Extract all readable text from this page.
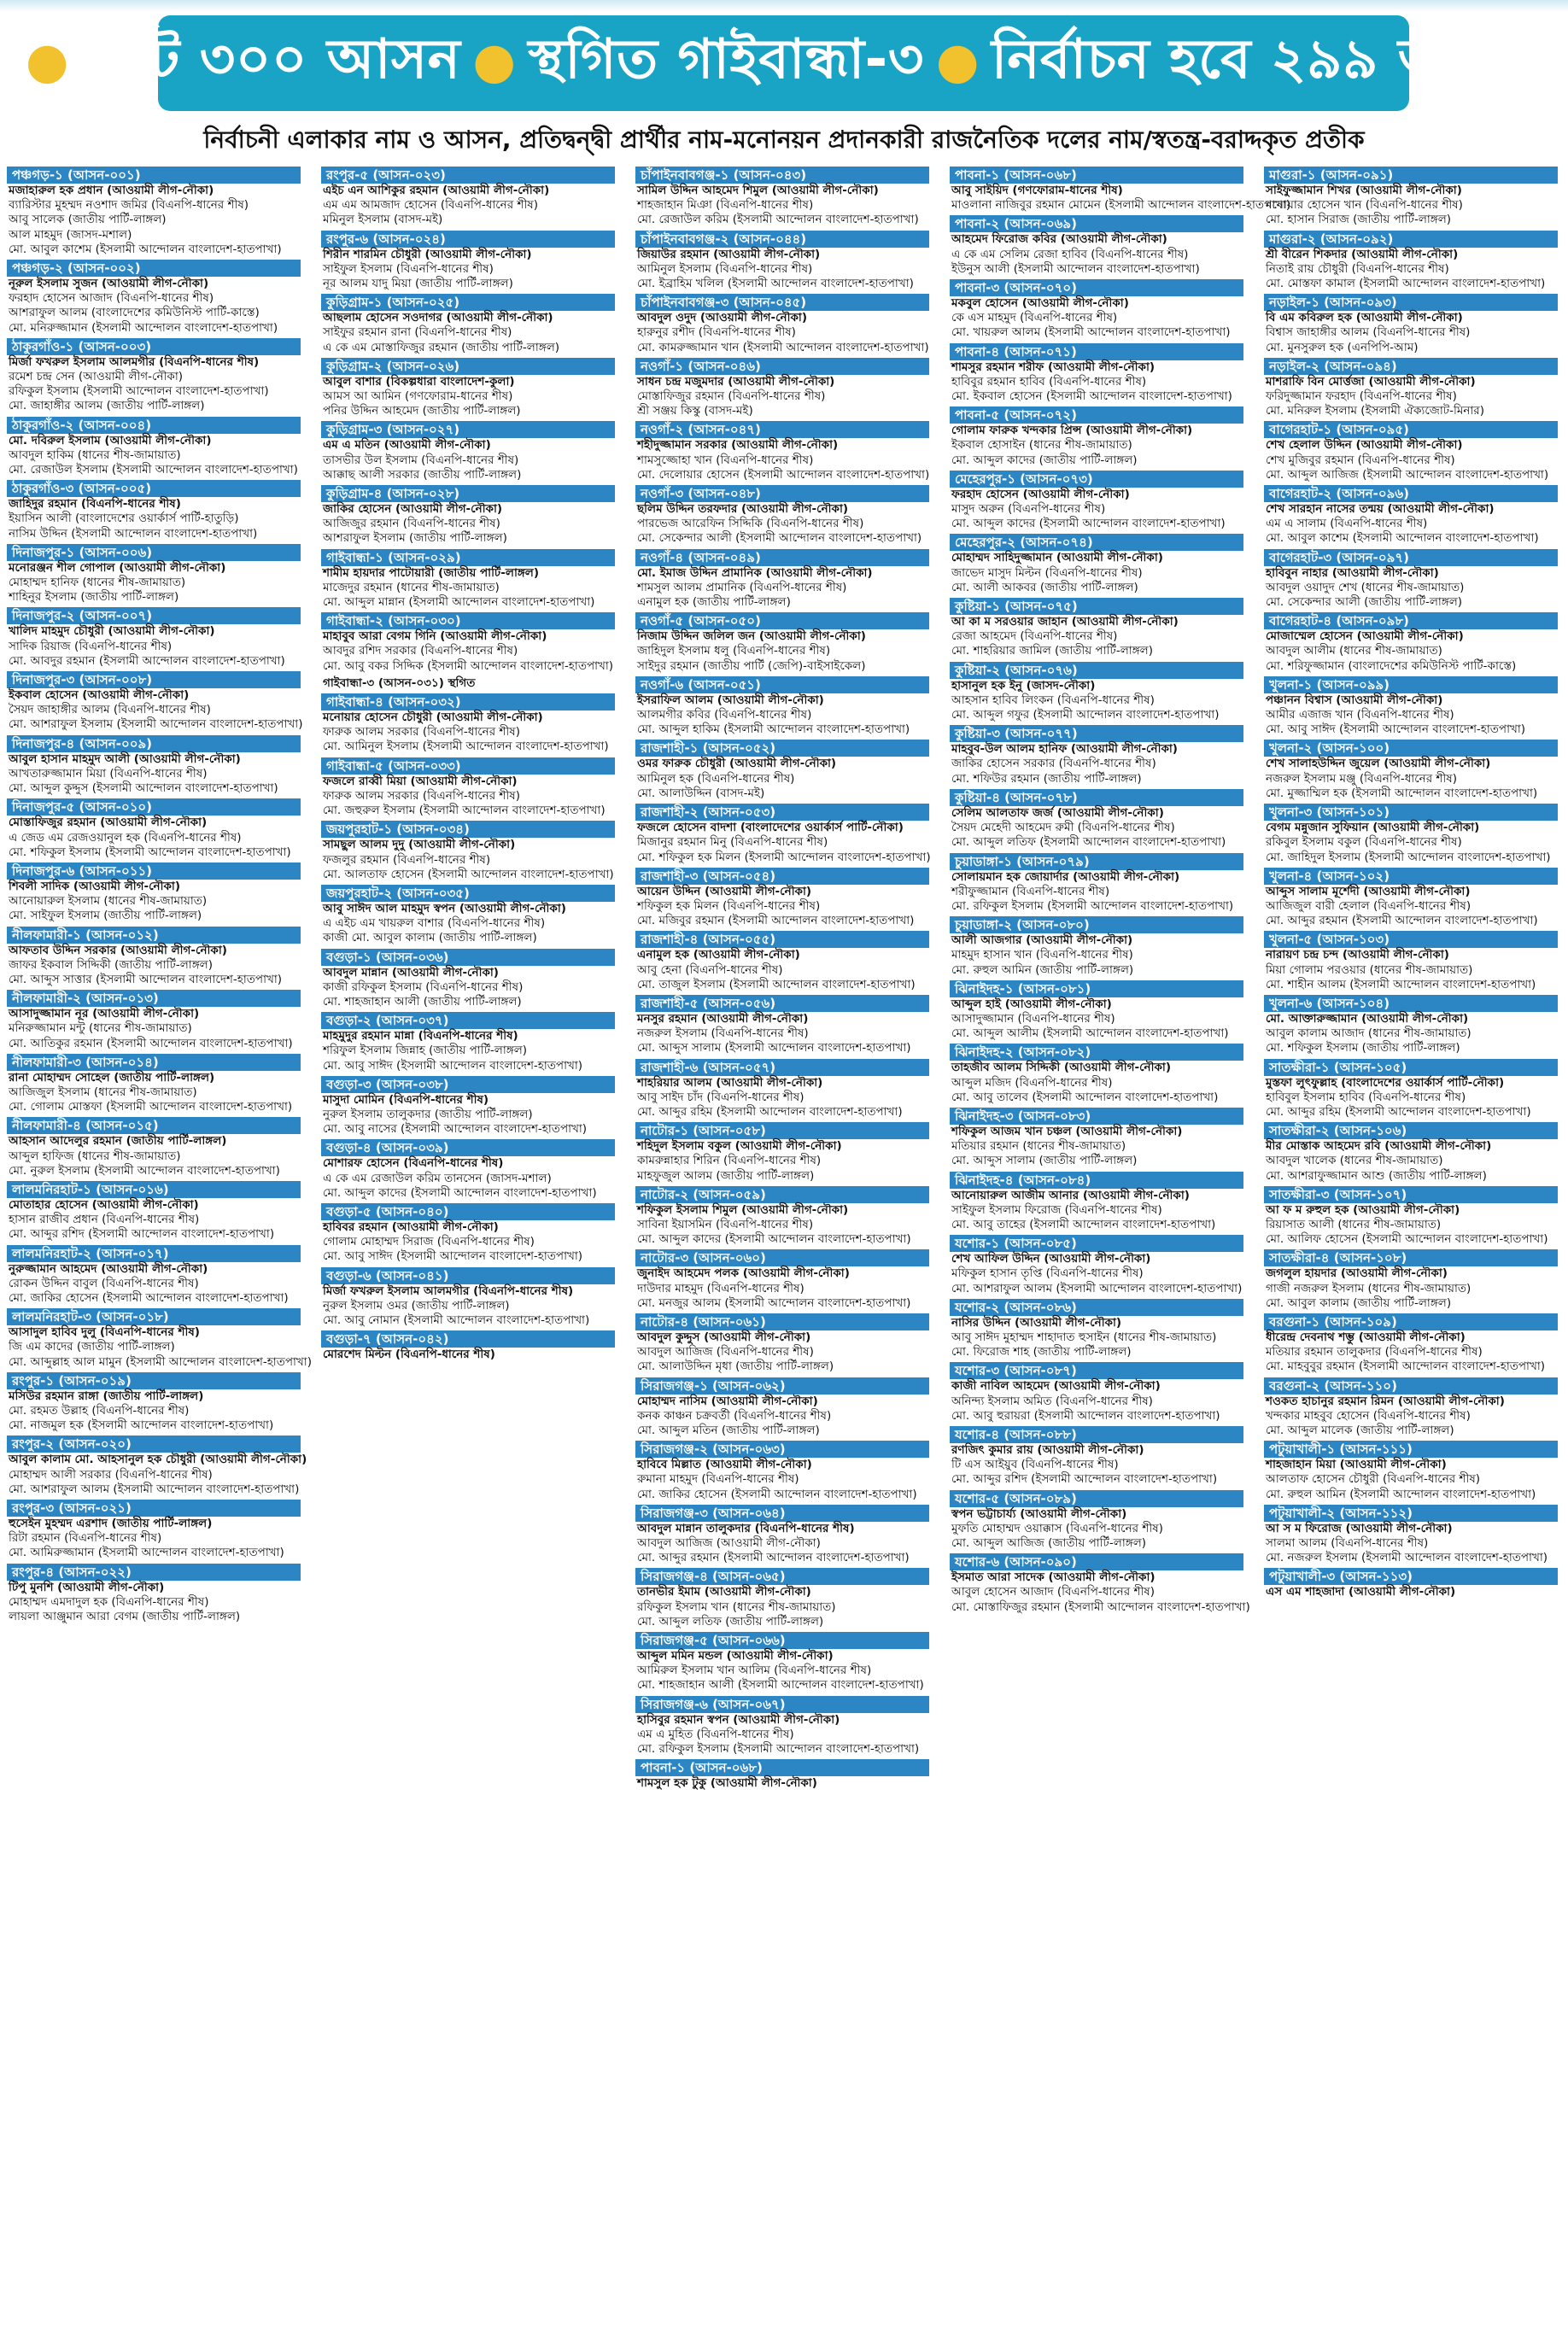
● মোট ৩০০ আসন ● স্থগিত গাইবান্ধা-৩ ● নির্বাচন হবে ২৯৯ আসনে
নির্বাচনী এলাকার নাম ও আসন, প্রতিদ্বন্দ্বী প্রার্থীর নাম-মনোনয়ন প্রদানকারী রাজনৈতিক দলের নাম/স্বতন্ত্র-বরাদ্দকৃত প্রতীক
পঞ্চগড়-১ (আসন-০০১)
মজাহারুল হক প্রধান (আওয়ামী লীগ-নৌকা)
ব্যারিস্টার মুহম্মদ নওশাদ জমির (বিএনপি-ধানের শীষ)
আবু সালেক (জাতীয় পার্টি-লাঙ্গল)
আল মাহমুদ (জাসদ-মশাল)
মো. আবুল কাশেম (ইসলামী আন্দোলন বাংলাদেশ-হাতপাখা)
পঞ্চগড়-২ (আসন-০০২)
নূরুল ইসলাম সুজন (আওয়ামী লীগ-নৌকা)
ফরহাদ হোসেন আজাদ (বিএনপি-ধানের শীষ)
আশরাফুল আলম (বাংলাদেশের কমিউনিস্ট পার্টি-কাস্তে)
মো. মনিরুজ্জামান (ইসলামী আন্দোলন বাংলাদেশ-হাতপাখা)
ঠাকুরগাঁও-১ (আসন-০০৩)
মির্জা ফখরুল ইসলাম আলমগীর (বিএনপি-ধানের শীষ)
রমেশ চন্দ্র সেন (আওয়ামী লীগ-নৌকা)
রফিকুল ইসলাম (ইসলামী আন্দোলন বাংলাদেশ-হাতপাখা)
মো. জাহাঙ্গীর আলম (জাতীয় পার্টি-লাঙ্গল)
ঠাকুরগাঁও-২ (আসন-০০৪)
মো. দবিরুল ইসলাম (আওয়ামী লীগ-নৌকা)
আবদুল হাকিম (ধানের শীষ-জামায়াত)
মো. রেজাউল ইসলাম (ইসলামী আন্দোলন বাংলাদেশ-হাতপাখা)
ঠাকুরগাঁও-৩ (আসন-০০৫)
জাহিদুর রহমান (বিএনপি-ধানের শীষ)
ইয়াসিন আলী (বাংলাদেশের ওয়ার্কার্স পার্টি-হাতুড়ি)
নাসিম উদ্দিন (ইসলামী আন্দোলন বাংলাদেশ-হাতপাখা)
দিনাজপুর-১ (আসন-০০৬)
মনোরঞ্জন শীল গোপাল (আওয়ামী লীগ-নৌকা)
মোহাম্মদ হানিফ (ধানের শীষ-জামায়াত)
শাহিনুর ইসলাম (জাতীয় পার্টি-লাঙ্গল)
দিনাজপুর-২ (আসন-০০৭)
খালিদ মাহমুদ চৌধুরী (আওয়ামী লীগ-নৌকা)
সাদিক রিয়াজ (বিএনপি-ধানের শীষ)
মো. আবদুর রহমান (ইসলামী আন্দোলন বাংলাদেশ-হাতপাখা)
দিনাজপুর-৩ (আসন-০০৮)
ইকবাল হোসেন (আওয়ামী লীগ-নৌকা)
সৈয়দ জাহাঙ্গীর আলম (বিএনপি-ধানের শীষ)
মো. আশরাফুল ইসলাম (ইসলামী আন্দোলন বাংলাদেশ-হাতপাখা)
দিনাজপুর-৪ (আসন-০০৯)
আবুল হাসান মাহমুদ আলী (আওয়ামী লীগ-নৌকা)
আখতারুজ্জামান মিয়া (বিএনপি-ধানের শীষ)
মো. আব্দুল কুদ্দুস (ইসলামী আন্দোলন বাংলাদেশ-হাতপাখা)
দিনাজপুর-৫ (আসন-০১০)
মোস্তাফিজুর রহমান (আওয়ামী লীগ-নৌকা)
এ জেড এম রেজওয়ানুল হক (বিএনপি-ধানের শীষ)
মো. শফিকুল ইসলাম (ইসলামী আন্দোলন বাংলাদেশ-হাতপাখা)
দিনাজপুর-৬ (আসন-০১১)
শিবলী সাদিক (আওয়ামী লীগ-নৌকা)
আনোয়ারুল ইসলাম (ধানের শীষ-জামায়াত)
মো. সাইফুল ইসলাম (জাতীয় পার্টি-লাঙ্গল)
নীলফামারী-১ (আসন-০১২)
আফতাব উদ্দিন সরকার (আওয়ামী লীগ-নৌকা)
জাফর ইকবাল সিদ্দিকী (জাতীয় পার্টি-লাঙ্গল)
মো. আব্দুস সাত্তার (ইসলামী আন্দোলন বাংলাদেশ-হাতপাখা)
নীলফামারী-২ (আসন-০১৩)
আসাদুজ্জামান নূর (আওয়ামী লীগ-নৌকা)
মনিরুজ্জামান মন্টু (ধানের শীষ-জামায়াত)
মো. আতিকুর রহমান (ইসলামী আন্দোলন বাংলাদেশ-হাতপাখা)
নীলফামারী-৩ (আসন-০১৪)
রানা মোহাম্মদ সোহেল (জাতীয় পার্টি-লাঙ্গল)
আজিজুল ইসলাম (ধানের শীষ-জামায়াত)
মো. গোলাম মোস্তফা (ইসলামী আন্দোলন বাংলাদেশ-হাতপাখা)
নীলফামারী-৪ (আসন-০১৫)
আহসান আদেলুর রহমান (জাতীয় পার্টি-লাঙ্গল)
আব্দুল হাফিজ (ধানের শীষ-জামায়াত)
মো. নুরুল ইসলাম (ইসলামী আন্দোলন বাংলাদেশ-হাতপাখা)
লালমনিরহাট-১ (আসন-০১৬)
মোতাহার হোসেন (আওয়ামী লীগ-নৌকা)
হাসান রাজীব প্রধান (বিএনপি-ধানের শীষ)
মো. আব্দুর রশিদ (ইসলামী আন্দোলন বাংলাদেশ-হাতপাখা)
লালমনিরহাট-২ (আসন-০১৭)
নুরুজ্জামান আহমেদ (আওয়ামী লীগ-নৌকা)
রোকন উদ্দিন বাবুল (বিএনপি-ধানের শীষ)
মো. জাকির হোসেন (ইসলামী আন্দোলন বাংলাদেশ-হাতপাখা)
লালমনিরহাট-৩ (আসন-০১৮)
আসাদুল হাবিব দুলু (বিএনপি-ধানের শীষ)
জি এম কাদের (জাতীয় পার্টি-লাঙ্গল)
মো. আব্দুল্লাহ আল মামুন (ইসলামী আন্দোলন বাংলাদেশ-হাতপাখা)
রংপুর-১ (আসন-০১৯)
মসিউর রহমান রাঙ্গা (জাতীয় পার্টি-লাঙ্গল)
মো. রহমত উল্লাহ (বিএনপি-ধানের শীষ)
মো. নাজমুল হক (ইসলামী আন্দোলন বাংলাদেশ-হাতপাখা)
রংপুর-২ (আসন-০২০)
আবুল কালাম মো. আহসানুল হক চৌধুরী (আওয়ামী লীগ-নৌকা)
মোহাম্মদ আলী সরকার (বিএনপি-ধানের শীষ)
মো. আশরাফুল আলম (ইসলামী আন্দোলন বাংলাদেশ-হাতপাখা)
রংপুর-৩ (আসন-০২১)
হুসেইন মুহম্মদ এরশাদ (জাতীয় পার্টি-লাঙ্গল)
রিটা রহমান (বিএনপি-ধানের শীষ)
মো. আমিরুজ্জামান (ইসলামী আন্দোলন বাংলাদেশ-হাতপাখা)
রংপুর-৪ (আসন-০২২)
টিপু মুনশি (আওয়ামী লীগ-নৌকা)
মোহাম্মদ এমদাদুল হক (বিএনপি-ধানের শীষ)
লায়লা আঞ্জুমান আরা বেগম (জাতীয় পার্টি-লাঙ্গল)
রংপুর-৫ (আসন-০২৩)
এইচ এন আশিকুর রহমান (আওয়ামী লীগ-নৌকা)
এম এম আমজাদ হোসেন (বিএনপি-ধানের শীষ)
মমিনুল ইসলাম (বাসদ-মই)
রংপুর-৬ (আসন-০২৪)
শিরীন শারমিন চৌধুরী (আওয়ামী লীগ-নৌকা)
সাইফুল ইসলাম (বিএনপি-ধানের শীষ)
নূর আলম যাদু মিয়া (জাতীয় পার্টি-লাঙ্গল)
কুড়িগ্রাম-১ (আসন-০২৫)
আছলাম হোসেন সওদাগর (আওয়ামী লীগ-নৌকা)
সাইফুর রহমান রানা (বিএনপি-ধানের শীষ)
এ কে এম মোস্তাফিজুর রহমান (জাতীয় পার্টি-লাঙ্গল)
কুড়িগ্রাম-২ (আসন-০২৬)
আবুল বাশার (বিকল্পধারা বাংলাদেশ-কুলা)
আমস আ আমিন (গণফোরাম-ধানের শীষ)
পনির উদ্দিন আহমেদ (জাতীয় পার্টি-লাঙ্গল)
কুড়িগ্রাম-৩ (আসন-০২৭)
এম এ মতিন (আওয়ামী লীগ-নৌকা)
তাসভীর উল ইসলাম (বিএনপি-ধানের শীষ)
আক্কাছ আলী সরকার (জাতীয় পার্টি-লাঙ্গল)
কুড়িগ্রাম-৪ (আসন-০২৮)
জাকির হোসেন (আওয়ামী লীগ-নৌকা)
আজিজুর রহমান (বিএনপি-ধানের শীষ)
আশরাফুল ইসলাম (জাতীয় পার্টি-লাঙ্গল)
গাইবান্ধা-১ (আসন-০২৯)
শামীম হায়দার পাটোয়ারী (জাতীয় পার্টি-লাঙ্গল)
মাজেদুর রহমান (ধানের শীষ-জামায়াত)
মো. আব্দুল মান্নান (ইসলামী আন্দোলন বাংলাদেশ-হাতপাখা)
গাইবান্ধা-২ (আসন-০৩০)
মাহাবুব আরা বেগম গিনি (আওয়ামী লীগ-নৌকা)
আবদুর রশিদ সরকার (বিএনপি-ধানের শীষ)
মো. আবু বকর সিদ্দিক (ইসলামী আন্দোলন বাংলাদেশ-হাতপাখা)
গাইবান্ধা-৩ (আসন-০৩১) স্থগিত
গাইবান্ধা-৪ (আসন-০৩২)
মনোয়ার হোসেন চৌধুরী (আওয়ামী লীগ-নৌকা)
ফারুক আলম সরকার (বিএনপি-ধানের শীষ)
মো. আমিনুল ইসলাম (ইসলামী আন্দোলন বাংলাদেশ-হাতপাখা)
গাইবান্ধা-৫ (আসন-০৩৩)
ফজলে রাব্বী মিয়া (আওয়ামী লীগ-নৌকা)
ফারুক আলম সরকার (বিএনপি-ধানের শীষ)
মো. জহুরুল ইসলাম (ইসলামী আন্দোলন বাংলাদেশ-হাতপাখা)
জয়পুরহাট-১ (আসন-০৩৪)
সামছুল আলম দুদু (আওয়ামী লীগ-নৌকা)
ফজলুর রহমান (বিএনপি-ধানের শীষ)
মো. আলতাফ হোসেন (ইসলামী আন্দোলন বাংলাদেশ-হাতপাখা)
জয়পুরহাট-২ (আসন-০৩৫)
আবু সাঈদ আল মাহমুদ স্বপন (আওয়ামী লীগ-নৌকা)
এ এইচ এম খায়রুল বাশার (বিএনপি-ধানের শীষ)
কাজী মো. আবুল কালাম (জাতীয় পার্টি-লাঙ্গল)
বগুড়া-১ (আসন-০৩৬)
আবদুল মান্নান (আওয়ামী লীগ-নৌকা)
কাজী রফিকুল ইসলাম (বিএনপি-ধানের শীষ)
মো. শাহজাহান আলী (জাতীয় পার্টি-লাঙ্গল)
বগুড়া-২ (আসন-০৩৭)
মাহমুদুর রহমান মান্না (বিএনপি-ধানের শীষ)
শরিফুল ইসলাম জিন্নাহ (জাতীয় পার্টি-লাঙ্গল)
মো. আবু সাঈদ (ইসলামী আন্দোলন বাংলাদেশ-হাতপাখা)
বগুড়া-৩ (আসন-০৩৮)
মাসুদা মোমিন (বিএনপি-ধানের শীষ)
নুরুল ইসলাম তালুকদার (জাতীয় পার্টি-লাঙ্গল)
মো. আবু নাসের (ইসলামী আন্দোলন বাংলাদেশ-হাতপাখা)
বগুড়া-৪ (আসন-০৩৯)
মোশারফ হোসেন (বিএনপি-ধানের শীষ)
এ কে এম রেজাউল করিম তানসেন (জাসদ-মশাল)
মো. আব্দুল কাদের (ইসলামী আন্দোলন বাংলাদেশ-হাতপাখা)
বগুড়া-৫ (আসন-০৪০)
হাবিবর রহমান (আওয়ামী লীগ-নৌকা)
গোলাম মোহাম্মদ সিরাজ (বিএনপি-ধানের শীষ)
মো. আবু সাঈদ (ইসলামী আন্দোলন বাংলাদেশ-হাতপাখা)
বগুড়া-৬ (আসন-০৪১)
মির্জা ফখরুল ইসলাম আলমগীর (বিএনপি-ধানের শীষ)
নুরুল ইসলাম ওমর (জাতীয় পার্টি-লাঙ্গল)
মো. আবু নোমান (ইসলামী আন্দোলন বাংলাদেশ-হাতপাখা)
বগুড়া-৭ (আসন-০৪২)
মোরশেদ মিল্টন (বিএনপি-ধানের শীষ)
চাঁপাইনবাবগঞ্জ-১ (আসন-০৪৩)
সামিল উদ্দিন আহমেদ শিমুল (আওয়ামী লীগ-নৌকা)
শাহজাহান মিঞা (বিএনপি-ধানের শীষ)
মো. রেজাউল করিম (ইসলামী আন্দোলন বাংলাদেশ-হাতপাখা)
চাঁপাইনবাবগঞ্জ-২ (আসন-০৪৪)
জিয়াউর রহমান (আওয়ামী লীগ-নৌকা)
আমিনুল ইসলাম (বিএনপি-ধানের শীষ)
মো. ইব্রাহিম খলিল (ইসলামী আন্দোলন বাংলাদেশ-হাতপাখা)
চাঁপাইনবাবগঞ্জ-৩ (আসন-০৪৫)
আবদুল ওদুদ (আওয়ামী লীগ-নৌকা)
হারুনুর রশীদ (বিএনপি-ধানের শীষ)
মো. কামরুজ্জামান খান (ইসলামী আন্দোলন বাংলাদেশ-হাতপাখা)
নওগাঁ-১ (আসন-০৪৬)
সাধন চন্দ্র মজুমদার (আওয়ামী লীগ-নৌকা)
মোস্তাফিজুর রহমান (বিএনপি-ধানের শীষ)
শ্রী সঞ্জয় কিস্কু (বাসদ-মই)
নওগাঁ-২ (আসন-০৪৭)
শহীদুজ্জামান সরকার (আওয়ামী লীগ-নৌকা)
শামসুজ্জোহা খান (বিএনপি-ধানের শীষ)
মো. দেলোয়ার হোসেন (ইসলামী আন্দোলন বাংলাদেশ-হাতপাখা)
নওগাঁ-৩ (আসন-০৪৮)
ছলিম উদ্দিন তরফদার (আওয়ামী লীগ-নৌকা)
পারভেজ আরেফিন সিদ্দিকি (বিএনপি-ধানের শীষ)
মো. সেকেন্দার আলী (ইসলামী আন্দোলন বাংলাদেশ-হাতপাখা)
নওগাঁ-৪ (আসন-০৪৯)
মো. ইমাজ উদ্দিন প্রামানিক (আওয়ামী লীগ-নৌকা)
শামসুল আলম প্রামানিক (বিএনপি-ধানের শীষ)
এনামুল হক (জাতীয় পার্টি-লাঙ্গল)
নওগাঁ-৫ (আসন-০৫০)
নিজাম উদ্দিন জলিল জন (আওয়ামী লীগ-নৌকা)
জাহিদুল ইসলাম ধলু (বিএনপি-ধানের শীষ)
সাইদুর রহমান (জাতীয় পার্টি (জেপি)-বাইসাইকেল)
নওগাঁ-৬ (আসন-০৫১)
ইসরাফিল আলম (আওয়ামী লীগ-নৌকা)
আলমগীর কবির (বিএনপি-ধানের শীষ)
মো. আব্দুল হাকিম (ইসলামী আন্দোলন বাংলাদেশ-হাতপাখা)
রাজশাহী-১ (আসন-০৫২)
ওমর ফারুক চৌধুরী (আওয়ামী লীগ-নৌকা)
আমিনুল হক (বিএনপি-ধানের শীষ)
মো. আলাউদ্দিন (বাসদ-মই)
রাজশাহী-২ (আসন-০৫৩)
ফজলে হোসেন বাদশা (বাংলাদেশের ওয়ার্কার্স পার্টি-নৌকা)
মিজানুর রহমান মিনু (বিএনপি-ধানের শীষ)
মো. শফিকুল হক মিলন (ইসলামী আন্দোলন বাংলাদেশ-হাতপাখা)
রাজশাহী-৩ (আসন-০৫৪)
আয়েন উদ্দিন (আওয়ামী লীগ-নৌকা)
শফিকুল হক মিলন (বিএনপি-ধানের শীষ)
মো. মজিবুর রহমান (ইসলামী আন্দোলন বাংলাদেশ-হাতপাখা)
রাজশাহী-৪ (আসন-০৫৫)
এনামুল হক (আওয়ামী লীগ-নৌকা)
আবু হেনা (বিএনপি-ধানের শীষ)
মো. তাজুল ইসলাম (ইসলামী আন্দোলন বাংলাদেশ-হাতপাখা)
রাজশাহী-৫ (আসন-০৫৬)
মনসুর রহমান (আওয়ামী লীগ-নৌকা)
নজরুল ইসলাম (বিএনপি-ধানের শীষ)
মো. আব্দুস সালাম (ইসলামী আন্দোলন বাংলাদেশ-হাতপাখা)
রাজশাহী-৬ (আসন-০৫৭)
শাহরিয়ার আলম (আওয়ামী লীগ-নৌকা)
আবু সাইদ চাঁদ (বিএনপি-ধানের শীষ)
মো. আব্দুর রহিম (ইসলামী আন্দোলন বাংলাদেশ-হাতপাখা)
নাটোর-১ (আসন-০৫৮)
শহিদুল ইসলাম বকুল (আওয়ামী লীগ-নৌকা)
কামরুন্নাহার শিরিন (বিএনপি-ধানের শীষ)
মাহফুজুল আলম (জাতীয় পার্টি-লাঙ্গল)
নাটোর-২ (আসন-০৫৯)
শফিকুল ইসলাম শিমুল (আওয়ামী লীগ-নৌকা)
সাবিনা ইয়াসমিন (বিএনপি-ধানের শীষ)
মো. আব্দুল কাদের (ইসলামী আন্দোলন বাংলাদেশ-হাতপাখা)
নাটোর-৩ (আসন-০৬০)
জুনাইদ আহমেদ পলক (আওয়ামী লীগ-নৌকা)
দাউদার মাহমুদ (বিএনপি-ধানের শীষ)
মো. মনজুর আলম (ইসলামী আন্দোলন বাংলাদেশ-হাতপাখা)
নাটোর-৪ (আসন-০৬১)
আবদুল কুদ্দুস (আওয়ামী লীগ-নৌকা)
আবদুল আজিজ (বিএনপি-ধানের শীষ)
মো. আলাউদ্দিন মৃধা (জাতীয় পার্টি-লাঙ্গল)
সিরাজগঞ্জ-১ (আসন-০৬২)
মোহাম্মদ নাসিম (আওয়ামী লীগ-নৌকা)
কনক কাঞ্চন চক্রবর্তী (বিএনপি-ধানের শীষ)
মো. আব্দুল মতিন (জাতীয় পার্টি-লাঙ্গল)
সিরাজগঞ্জ-২ (আসন-০৬৩)
হাবিবে মিল্লাত (আওয়ামী লীগ-নৌকা)
রুমানা মাহমুদ (বিএনপি-ধানের শীষ)
মো. জাকির হোসেন (ইসলামী আন্দোলন বাংলাদেশ-হাতপাখা)
সিরাজগঞ্জ-৩ (আসন-০৬৪)
আবদুল মান্নান তালুকদার (বিএনপি-ধানের শীষ)
আবদুল আজিজ (আওয়ামী লীগ-নৌকা)
মো. আব্দুর রহমান (ইসলামী আন্দোলন বাংলাদেশ-হাতপাখা)
সিরাজগঞ্জ-৪ (আসন-০৬৫)
তানভীর ইমাম (আওয়ামী লীগ-নৌকা)
রফিকুল ইসলাম খান (ধানের শীষ-জামায়াত)
মো. আব্দুল লতিফ (জাতীয় পার্টি-লাঙ্গল)
সিরাজগঞ্জ-৫ (আসন-০৬৬)
আব্দুল মমিন মন্ডল (আওয়ামী লীগ-নৌকা)
আমিরুল ইসলাম খান আলিম (বিএনপি-ধানের শীষ)
মো. শাহজাহান আলী (ইসলামী আন্দোলন বাংলাদেশ-হাতপাখা)
সিরাজগঞ্জ-৬ (আসন-০৬৭)
হাসিবুর রহমান স্বপন (আওয়ামী লীগ-নৌকা)
এম এ মুহিত (বিএনপি-ধানের শীষ)
মো. রফিকুল ইসলাম (ইসলামী আন্দোলন বাংলাদেশ-হাতপাখা)
পাবনা-১ (আসন-০৬৮)
শামসুল হক টুকু (আওয়ামী লীগ-নৌকা)
পাবনা-১ (আসন-০৬৮)
আবু সাইয়িদ (গণফোরাম-ধানের শীষ)
মাওলানা নাজিবুর রহমান মোমেন (ইসলামী আন্দোলন বাংলাদেশ-হাতপাখা)
পাবনা-২ (আসন-০৬৯)
আহমেদ ফিরোজ কবির (আওয়ামী লীগ-নৌকা)
এ কে এম সেলিম রেজা হাবিব (বিএনপি-ধানের শীষ)
ইউনুস আলী (ইসলামী আন্দোলন বাংলাদেশ-হাতপাখা)
পাবনা-৩ (আসন-০৭০)
মকবুল হোসেন (আওয়ামী লীগ-নৌকা)
কে এস মাহমুদ (বিএনপি-ধানের শীষ)
মো. খায়রুল আলম (ইসলামী আন্দোলন বাংলাদেশ-হাতপাখা)
পাবনা-৪ (আসন-০৭১)
শামসুর রহমান শরীফ (আওয়ামী লীগ-নৌকা)
হাবিবুর রহমান হাবিব (বিএনপি-ধানের শীষ)
মো. ইকবাল হোসেন (ইসলামী আন্দোলন বাংলাদেশ-হাতপাখা)
পাবনা-৫ (আসন-০৭২)
গোলাম ফারুক খন্দকার প্রিন্স (আওয়ামী লীগ-নৌকা)
ইকবাল হোসাইন (ধানের শীষ-জামায়াত)
মো. আব্দুল কাদের (জাতীয় পার্টি-লাঙ্গল)
মেহেরপুর-১ (আসন-০৭৩)
ফরহাদ হোসেন (আওয়ামী লীগ-নৌকা)
মাসুদ অরুন (বিএনপি-ধানের শীষ)
মো. আব্দুল কাদের (ইসলামী আন্দোলন বাংলাদেশ-হাতপাখা)
মেহেরপুর-২ (আসন-০৭৪)
মোহাম্মদ সাহিদুজ্জামান (আওয়ামী লীগ-নৌকা)
জাভেদ মাসুদ মিল্টন (বিএনপি-ধানের শীষ)
মো. আলী আকবর (জাতীয় পার্টি-লাঙ্গল)
কুষ্টিয়া-১ (আসন-০৭৫)
আ কা ম সরওয়ার জাহান (আওয়ামী লীগ-নৌকা)
রেজা আহমেদ (বিএনপি-ধানের শীষ)
মো. শাহরিয়ার জামিল (জাতীয় পার্টি-লাঙ্গল)
কুষ্টিয়া-২ (আসন-০৭৬)
হাসানুল হক ইনু (জাসদ-নৌকা)
আহসান হাবিব লিংকন (বিএনপি-ধানের শীষ)
মো. আব্দুল গফুর (ইসলামী আন্দোলন বাংলাদেশ-হাতপাখা)
কুষ্টিয়া-৩ (আসন-০৭৭)
মাহবুব-উল আলম হানিফ (আওয়ামী লীগ-নৌকা)
জাকির হোসেন সরকার (বিএনপি-ধানের শীষ)
মো. শফিউর রহমান (জাতীয় পার্টি-লাঙ্গল)
কুষ্টিয়া-৪ (আসন-০৭৮)
সেলিম আলতাফ জর্জ (আওয়ামী লীগ-নৌকা)
সৈয়দ মেহেদী আহমেদ রুমী (বিএনপি-ধানের শীষ)
মো. আব্দুল লতিফ (ইসলামী আন্দোলন বাংলাদেশ-হাতপাখা)
চুয়াডাঙ্গা-১ (আসন-০৭৯)
সোলায়মান হক জোয়ার্দার (আওয়ামী লীগ-নৌকা)
শরীফুজ্জামান (বিএনপি-ধানের শীষ)
মো. রফিকুল ইসলাম (ইসলামী আন্দোলন বাংলাদেশ-হাতপাখা)
চুয়াডাঙ্গা-২ (আসন-০৮০)
আলী আজগার (আওয়ামী লীগ-নৌকা)
মাহমুদ হাসান খান (বিএনপি-ধানের শীষ)
মো. রুহুল আমিন (জাতীয় পার্টি-লাঙ্গল)
ঝিনাইদহ-১ (আসন-০৮১)
আব্দুল হাই (আওয়ামী লীগ-নৌকা)
আসাদুজ্জামান (বিএনপি-ধানের শীষ)
মো. আব্দুল আলীম (ইসলামী আন্দোলন বাংলাদেশ-হাতপাখা)
ঝিনাইদহ-২ (আসন-০৮২)
তাহজীব আলম সিদ্দিকী (আওয়ামী লীগ-নৌকা)
আব্দুল মজিদ (বিএনপি-ধানের শীষ)
মো. আবু তালেব (ইসলামী আন্দোলন বাংলাদেশ-হাতপাখা)
ঝিনাইদহ-৩ (আসন-০৮৩)
শফিকুল আজম খান চঞ্চল (আওয়ামী লীগ-নৌকা)
মতিয়ার রহমান (ধানের শীষ-জামায়াত)
মো. আব্দুস সালাম (জাতীয় পার্টি-লাঙ্গল)
ঝিনাইদহ-৪ (আসন-০৮৪)
আনোয়ারুল আজীম আনার (আওয়ামী লীগ-নৌকা)
সাইফুল ইসলাম ফিরোজ (বিএনপি-ধানের শীষ)
মো. আবু তাহের (ইসলামী আন্দোলন বাংলাদেশ-হাতপাখা)
যশোর-১ (আসন-০৮৫)
শেখ আফিল উদ্দিন (আওয়ামী লীগ-নৌকা)
মফিকুল হাসান তৃপ্তি (বিএনপি-ধানের শীষ)
মো. আশরাফুল আলম (ইসলামী আন্দোলন বাংলাদেশ-হাতপাখা)
যশোর-২ (আসন-০৮৬)
নাসির উদ্দিন (আওয়ামী লীগ-নৌকা)
আবু সাঈদ মুহাম্মদ শাহাদাত হুসাইন (ধানের শীষ-জামায়াত)
মো. ফিরোজ শাহ (জাতীয় পার্টি-লাঙ্গল)
যশোর-৩ (আসন-০৮৭)
কাজী নাবিল আহমেদ (আওয়ামী লীগ-নৌকা)
অনিন্দ্য ইসলাম অমিত (বিএনপি-ধানের শীষ)
মো. আবু হুরায়রা (ইসলামী আন্দোলন বাংলাদেশ-হাতপাখা)
যশোর-৪ (আসন-০৮৮)
রণজিৎ কুমার রায় (আওয়ামী লীগ-নৌকা)
টি এস আইয়ুব (বিএনপি-ধানের শীষ)
মো. আব্দুর রশিদ (ইসলামী আন্দোলন বাংলাদেশ-হাতপাখা)
যশোর-৫ (আসন-০৮৯)
স্বপন ভট্টাচার্য্য (আওয়ামী লীগ-নৌকা)
মুফতি মোহাম্মদ ওয়াক্কাস (বিএনপি-ধানের শীষ)
মো. আব্দুল আজিজ (জাতীয় পার্টি-লাঙ্গল)
যশোর-৬ (আসন-০৯০)
ইসমাত আরা সাদেক (আওয়ামী লীগ-নৌকা)
আবুল হোসেন আজাদ (বিএনপি-ধানের শীষ)
মো. মোস্তাফিজুর রহমান (ইসলামী আন্দোলন বাংলাদেশ-হাতপাখা)
মাগুরা-১ (আসন-০৯১)
সাইফুজ্জামান শিখর (আওয়ামী লীগ-নৌকা)
মনোয়ার হোসেন খান (বিএনপি-ধানের শীষ)
মো. হাসান সিরাজ (জাতীয় পার্টি-লাঙ্গল)
মাগুরা-২ (আসন-০৯২)
শ্রী বীরেন শিকদার (আওয়ামী লীগ-নৌকা)
নিতাই রায় চৌধুরী (বিএনপি-ধানের শীষ)
মো. মোস্তফা কামাল (ইসলামী আন্দোলন বাংলাদেশ-হাতপাখা)
নড়াইল-১ (আসন-০৯৩)
বি এম কবিরুল হক (আওয়ামী লীগ-নৌকা)
বিশ্বাস জাহাঙ্গীর আলম (বিএনপি-ধানের শীষ)
মো. মুনসুরুল হক (এনপিপি-আম)
নড়াইল-২ (আসন-০৯৪)
মাশরাফি বিন মোর্ত্তজা (আওয়ামী লীগ-নৌকা)
ফরিদুজ্জামান ফরহাদ (বিএনপি-ধানের শীষ)
মো. মনিরুল ইসলাম (ইসলামী ঐক্যজোট-মিনার)
বাগেরহাট-১ (আসন-০৯৫)
শেখ হেলাল উদ্দিন (আওয়ামী লীগ-নৌকা)
শেখ মুজিবুর রহমান (বিএনপি-ধানের শীষ)
মো. আব্দুল আজিজ (ইসলামী আন্দোলন বাংলাদেশ-হাতপাখা)
বাগেরহাট-২ (আসন-০৯৬)
শেখ সারহান নাসের তন্ময় (আওয়ামী লীগ-নৌকা)
এম এ সালাম (বিএনপি-ধানের শীষ)
মো. আবুল কাশেম (ইসলামী আন্দোলন বাংলাদেশ-হাতপাখা)
বাগেরহাট-৩ (আসন-০৯৭)
হাবিবুন নাহার (আওয়ামী লীগ-নৌকা)
আবদুল ওয়াদুদ শেখ (ধানের শীষ-জামায়াত)
মো. সেকেন্দার আলী (জাতীয় পার্টি-লাঙ্গল)
বাগেরহাট-৪ (আসন-০৯৮)
মোজাম্মেল হোসেন (আওয়ামী লীগ-নৌকা)
আবদুল আলীম (ধানের শীষ-জামায়াত)
মো. শরিফুজ্জামান (বাংলাদেশের কমিউনিস্ট পার্টি-কাস্তে)
খুলনা-১ (আসন-০৯৯)
পঞ্চানন বিশ্বাস (আওয়ামী লীগ-নৌকা)
আমীর এজাজ খান (বিএনপি-ধানের শীষ)
মো. আবু সাঈদ (ইসলামী আন্দোলন বাংলাদেশ-হাতপাখা)
খুলনা-২ (আসন-১০০)
শেখ সালাহউদ্দিন জুয়েল (আওয়ামী লীগ-নৌকা)
নজরুল ইসলাম মঞ্জু (বিএনপি-ধানের শীষ)
মো. মুজ্জাম্মিল হক (ইসলামী আন্দোলন বাংলাদেশ-হাতপাখা)
খুলনা-৩ (আসন-১০১)
বেগম মন্নুজান সুফিয়ান (আওয়ামী লীগ-নৌকা)
রকিবুল ইসলাম বকুল (বিএনপি-ধানের শীষ)
মো. জাহিদুল ইসলাম (ইসলামী আন্দোলন বাংলাদেশ-হাতপাখা)
খুলনা-৪ (আসন-১০২)
আব্দুস সালাম মূর্শেদী (আওয়ামী লীগ-নৌকা)
আজিজুল বারী হেলাল (বিএনপি-ধানের শীষ)
মো. আব্দুর রহমান (ইসলামী আন্দোলন বাংলাদেশ-হাতপাখা)
খুলনা-৫ (আসন-১০৩)
নারায়ণ চন্দ্র চন্দ (আওয়ামী লীগ-নৌকা)
মিয়া গোলাম পরওয়ার (ধানের শীষ-জামায়াত)
মো. শাহীন আলম (ইসলামী আন্দোলন বাংলাদেশ-হাতপাখা)
খুলনা-৬ (আসন-১০৪)
মো. আক্তারুজ্জামান (আওয়ামী লীগ-নৌকা)
আবুল কালাম আজাদ (ধানের শীষ-জামায়াত)
মো. শফিকুল ইসলাম (জাতীয় পার্টি-লাঙ্গল)
সাতক্ষীরা-১ (আসন-১০৫)
মুস্তফা লুৎফুল্লাহ (বাংলাদেশের ওয়ার্কার্স পার্টি-নৌকা)
হাবিবুল ইসলাম হাবিব (বিএনপি-ধানের শীষ)
মো. আব্দুর রহিম (ইসলামী আন্দোলন বাংলাদেশ-হাতপাখা)
সাতক্ষীরা-২ (আসন-১০৬)
মীর মোস্তাক আহমেদ রবি (আওয়ামী লীগ-নৌকা)
আবদুল খালেক (ধানের শীষ-জামায়াত)
মো. আশরাফুজ্জামান আশু (জাতীয় পার্টি-লাঙ্গল)
সাতক্ষীরা-৩ (আসন-১০৭)
আ ফ ম রুহুল হক (আওয়ামী লীগ-নৌকা)
রিয়াসাত আলী (ধানের শীষ-জামায়াত)
মো. আলিফ হোসেন (ইসলামী আন্দোলন বাংলাদেশ-হাতপাখা)
সাতক্ষীরা-৪ (আসন-১০৮)
জগলুল হায়দার (আওয়ামী লীগ-নৌকা)
গাজী নজরুল ইসলাম (ধানের শীষ-জামায়াত)
মো. আবুল কালাম (জাতীয় পার্টি-লাঙ্গল)
বরগুনা-১ (আসন-১০৯)
ধীরেন্দ্র দেবনাথ শম্ভু (আওয়ামী লীগ-নৌকা)
মতিয়ার রহমান তালুকদার (বিএনপি-ধানের শীষ)
মো. মাহবুবুর রহমান (ইসলামী আন্দোলন বাংলাদেশ-হাতপাখা)
বরগুনা-২ (আসন-১১০)
শওকত হাচানুর রহমান রিমন (আওয়ামী লীগ-নৌকা)
খন্দকার মাহবুব হোসেন (বিএনপি-ধানের শীষ)
মো. আব্দুল মালেক (জাতীয় পার্টি-লাঙ্গল)
পটুয়াখালী-১ (আসন-১১১)
শাহজাহান মিয়া (আওয়ামী লীগ-নৌকা)
আলতাফ হোসেন চৌধুরী (বিএনপি-ধানের শীষ)
মো. রুহুল আমিন (ইসলামী আন্দোলন বাংলাদেশ-হাতপাখা)
পটুয়াখালী-২ (আসন-১১২)
আ স ম ফিরোজ (আওয়ামী লীগ-নৌকা)
সালমা আলম (বিএনপি-ধানের শীষ)
মো. নজরুল ইসলাম (ইসলামী আন্দোলন বাংলাদেশ-হাতপাখা)
পটুয়াখালী-৩ (আসন-১১৩)
এস এম শাহজাদা (আওয়ামী লীগ-নৌকা)
